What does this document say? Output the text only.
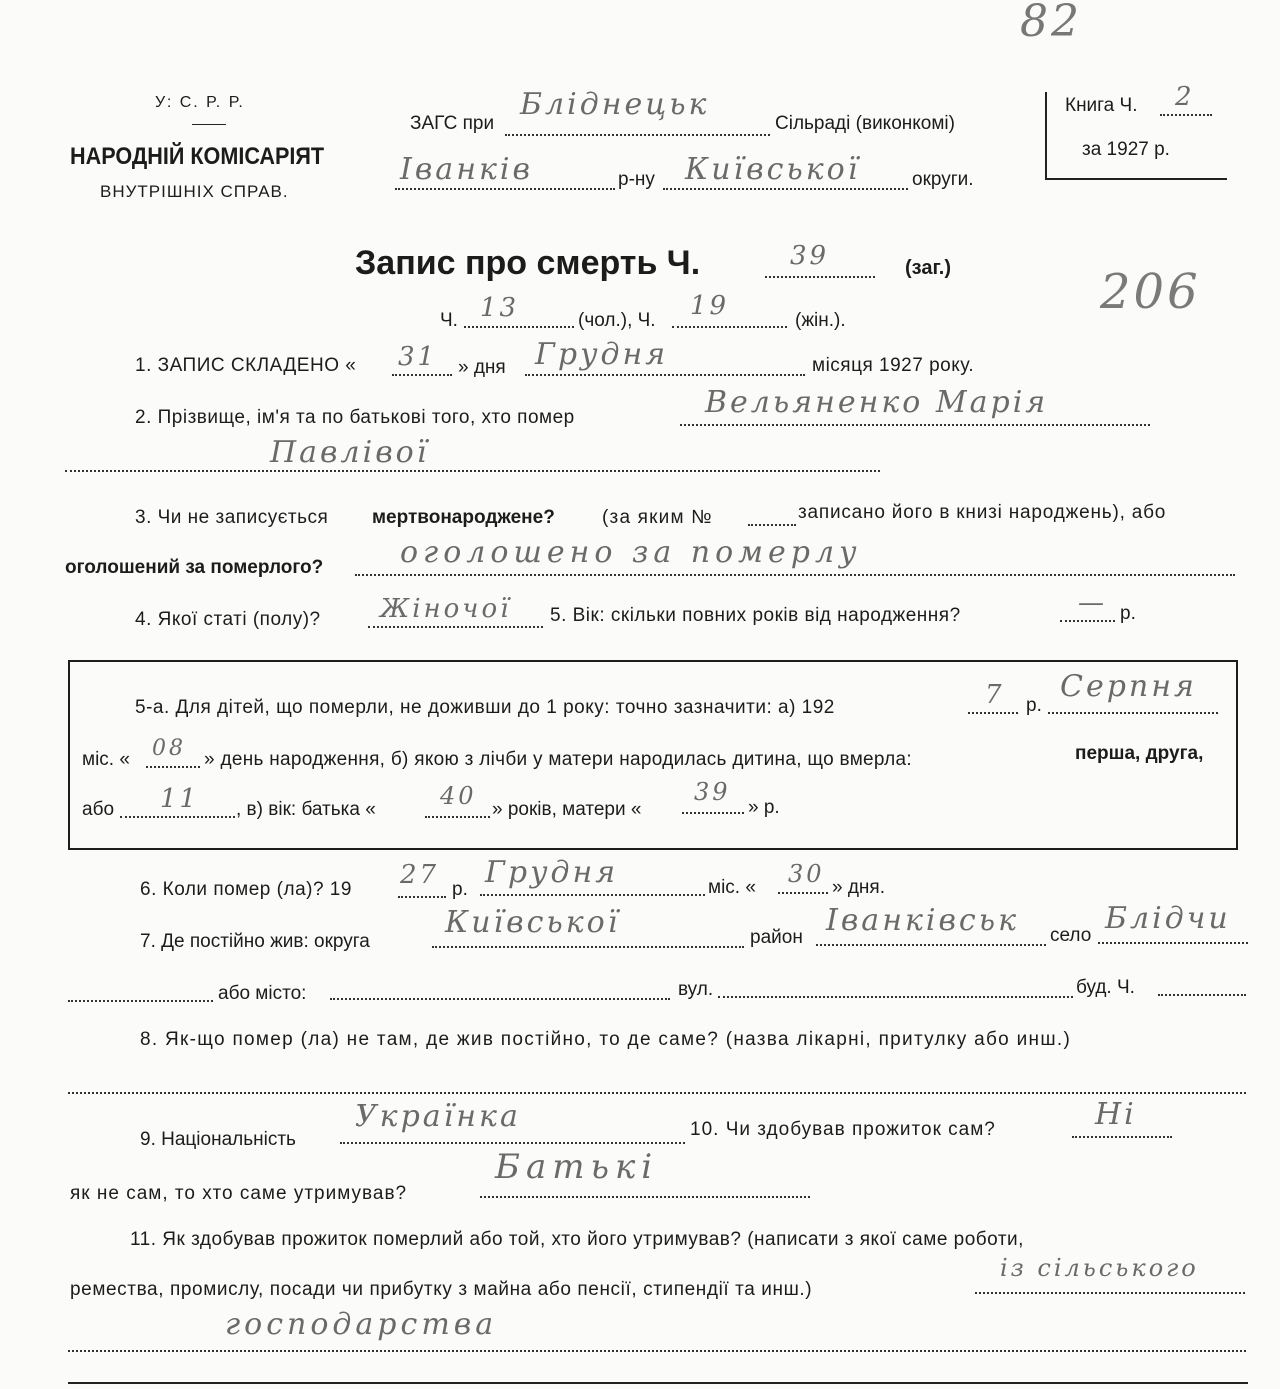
82
206
У: С. Р. Р.
НАРОДНІЙ КОМІСАРІЯТ
ВНУТРІШНІХ СПРАВ.
ЗАГС при
Бліднецьк
Сільраді (виконкомі)
Іванків	р-ну Київської	округи.
Книга Ч. 2
за 1927 р.
Запис про смерть Ч.	39	(заг.)
Ч. 13	(чол.), Ч. 19	(жін.).
1. ЗАПИС СКЛАДЕНО « 31 » дня Грудня	місяця 1927 року.
2. Прізвище, ім'я та по батькові того, хто помер	Вельяненко Марія
Павлівої
3. Чи не записується мертвонароджене? (за яким №	записано його в книзі народжень), або
оголошений за померлого?	оголошено за померлу
4. Якої статі (полу)? Жіночої 5. Вік: скільки повних років від народження?	— р.
5-а. Для дітей, що померли, не доживши до 1 року: точно зазначити: а) 192	7 р.
Серпня
міс. « 08 » день народження, б) якою з лічби у матери народилась дитина, що вмерла:	перша, друга,
або 11 , в) вік: батька «	40 » років, матери «
39
» р.
6. Коли помер (ла)? 19 27 р. Грудня	міс. « 30 » дня.
7. Де постійно жив: округа
Київської	район Іванківськ село Блідчи
або місто:	вул.	буд. Ч.
8. Як-що помер (ла) не там, де жив постійно, то де саме? (назва лікарні, притулку або инш.)
9. Національність
Українка	10. Чи здобував прожиток сам?	Ні
як не сам, то хто саме утримував?
Батькі
11. Як здобував прожиток померлий або той, хто його утримував? (написати з якої саме роботи,
ремества, промислу, посади чи прибутку з майна або пенсії, стипендії та инш.)
із сільського
господарства
